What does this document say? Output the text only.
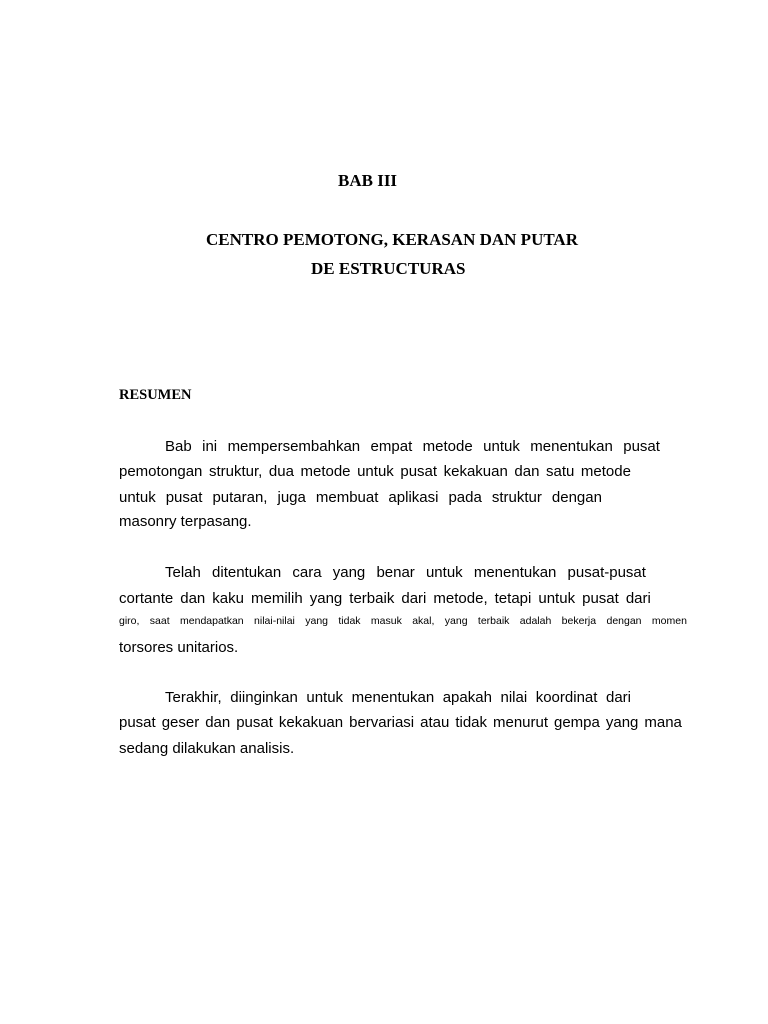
BAB III
CENTRO PEMOTONG, KERASAN DAN PUTAR
DE ESTRUCTURAS
RESUMEN
Bab ini mempersembahkan empat metode untuk menentukan pusat
pemotongan struktur, dua metode untuk pusat kekakuan dan satu metode
untuk pusat putaran, juga membuat aplikasi pada struktur dengan
masonry terpasang.
Telah ditentukan cara yang benar untuk menentukan pusat-pusat
cortante dan kaku memilih yang terbaik dari metode, tetapi untuk pusat dari
giro, saat mendapatkan nilai-nilai yang tidak masuk akal, yang terbaik adalah bekerja dengan momen
torsores unitarios.
Terakhir, diinginkan untuk menentukan apakah nilai koordinat dari
pusat geser dan pusat kekakuan bervariasi atau tidak menurut gempa yang mana
sedang dilakukan analisis.
